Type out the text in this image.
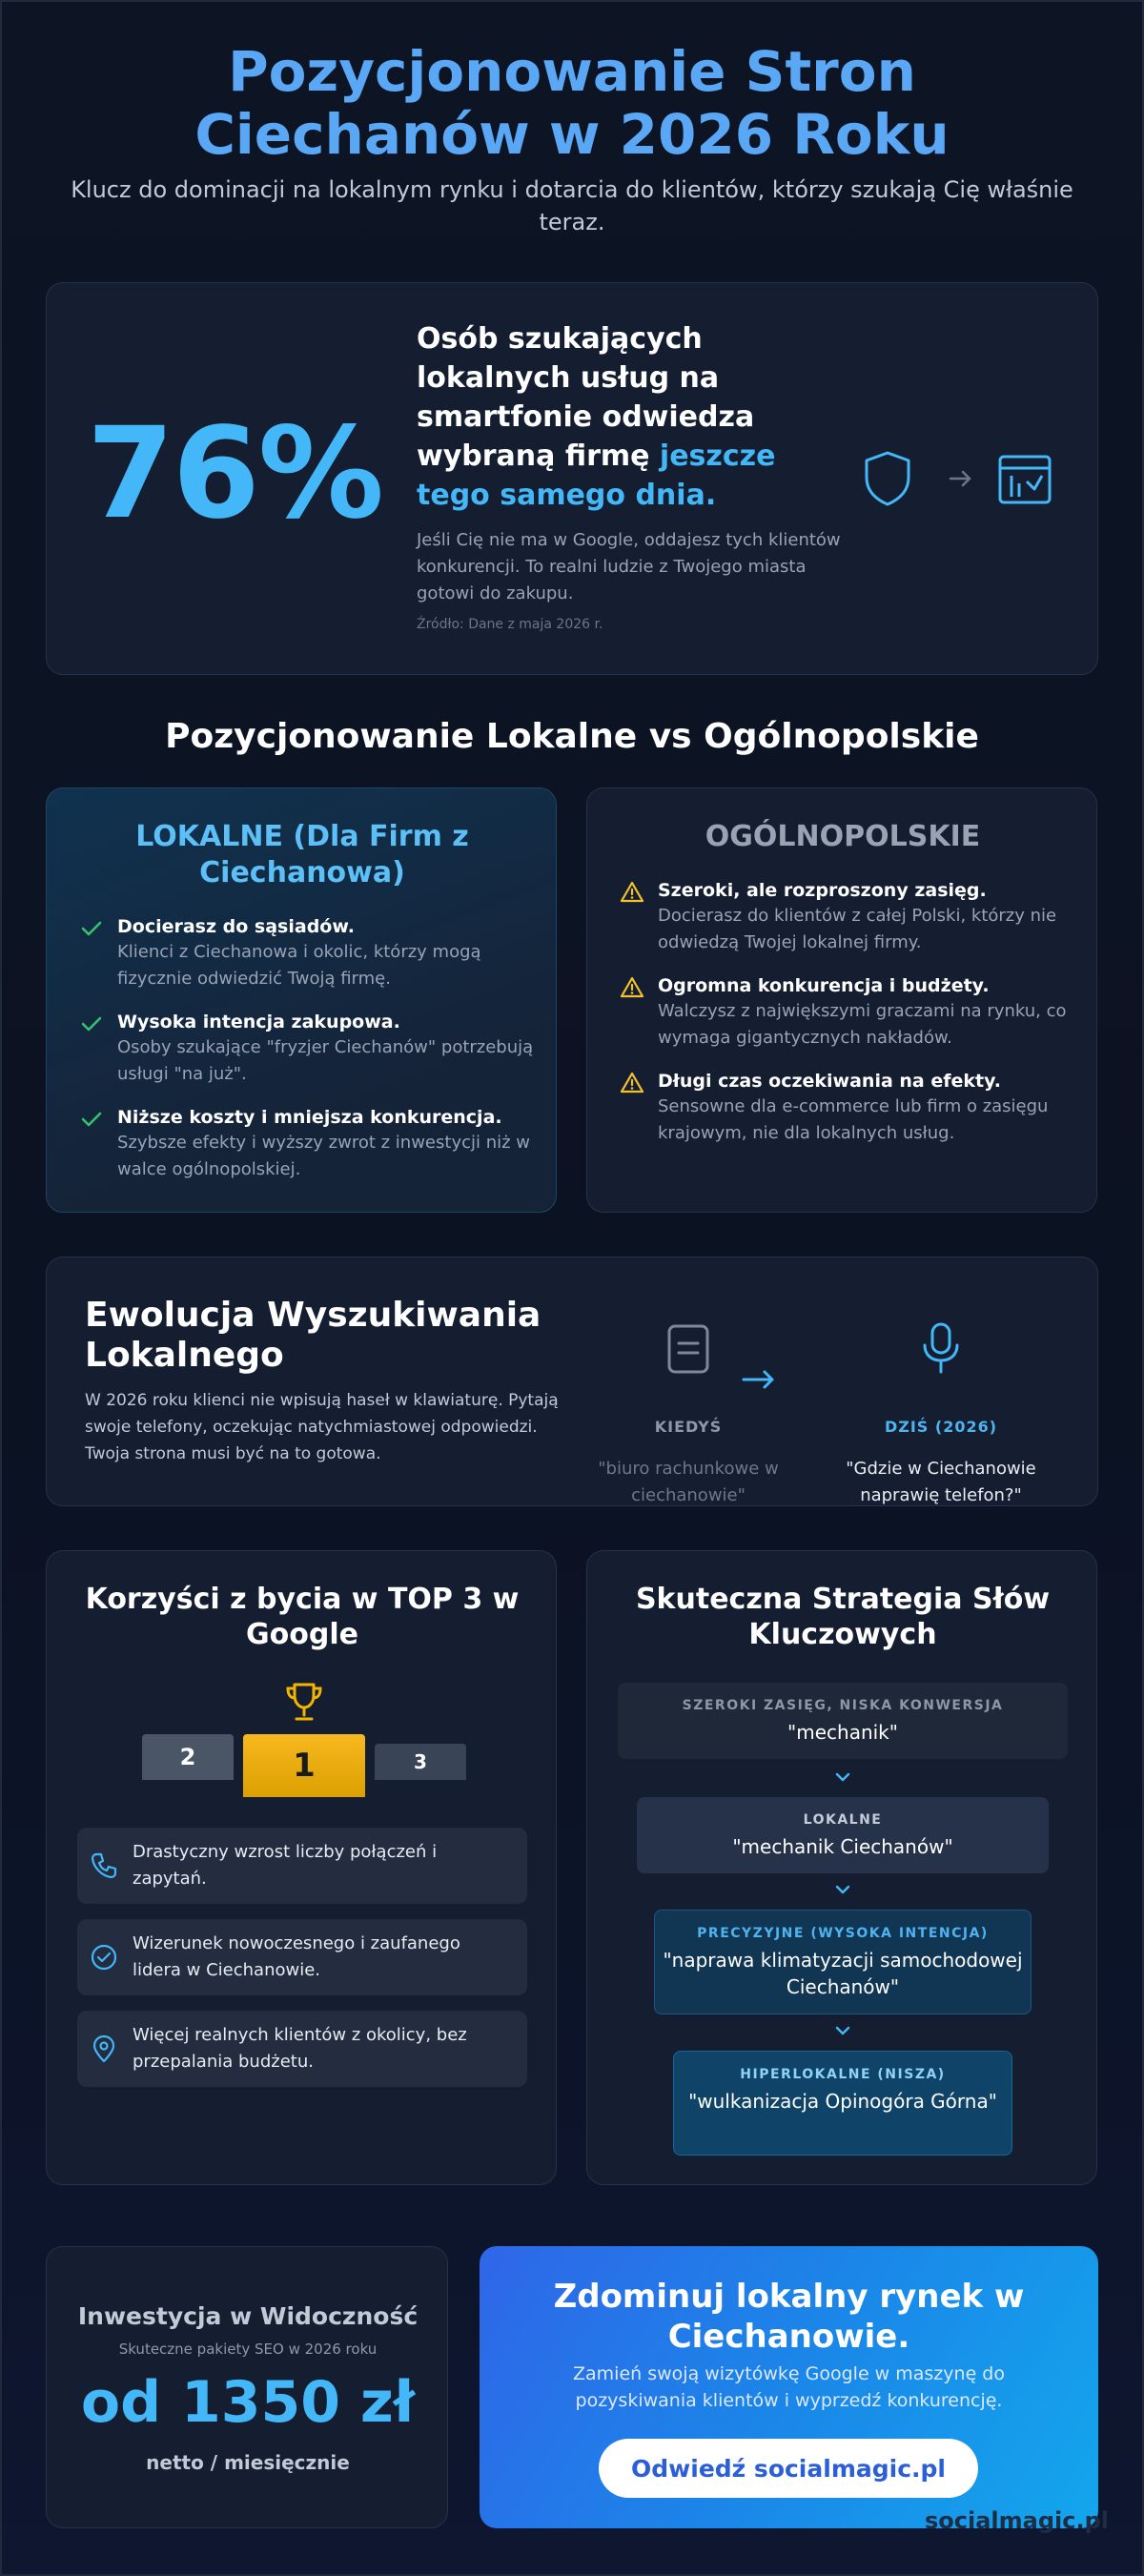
Pozycjonowanie Stron
Ciechanów w 2026 Roku

Klucz do dominacji na lokalnym rynku i dotarcia do klientów, którzy szukają Cię właśnie teraz.

76%
Osób szukających lokalnych usług na smartfonie odwiedza wybraną firmę jeszcze tego samego dnia.

Jeśli Cię nie ma w Google, oddajesz tych klientów konkurencji. To realni ludzie z Twojego miasta gotowi do zakupu.

Źródło: Dane z maja 2026 r.

Pozycjonowanie Lokalne vs Ogólnopolskie
LOKALNE (Dla Firm z Ciechanowa)
Docierasz do sąsiadów.
Klienci z Ciechanowa i okolic, którzy mogą fizycznie odwiedzić Twoją firmę.
Wysoka intencja zakupowa.
Osoby szukające "fryzjer Ciechanów" potrzebują usługi "na już".
Niższe koszty i mniejsza konkurencja.
Szybsze efekty i wyższy zwrot z inwestycji niż w walce ogólnopolskiej.
OGÓLNOPOLSKIE
Szeroki, ale rozproszony zasięg.
Docierasz do klientów z całej Polski, którzy nie odwiedzą Twojej lokalnej firmy.
Ogromna konkurencja i budżety.
Walczysz z największymi graczami na rynku, co wymaga gigantycznych nakładów.
Długi czas oczekiwania na efekty.
Sensowne dla e-commerce lub firm o zasięgu krajowym, nie dla lokalnych usług.
Ewolucja Wyszukiwania Lokalnego

W 2026 roku klienci nie wpisują haseł w klawiaturę. Pytają swoje telefony, oczekując natychmiastowej odpowiedzi. Twoja strona musi być na to gotowa.

KIEDYŚ
"biuro rachunkowe w ciechanowie"
DZIŚ (2026)
"Gdzie w Ciechanowie naprawię telefon?"
Korzyści z bycia w TOP 3 w Google
2	1	3
Drastyczny wzrost liczby połączeń i zapytań.
Wizerunek nowoczesnego i zaufanego lidera w Ciechanowie.
Więcej realnych klientów z okolicy, bez przepalania budżetu.
Skuteczna Strategia Słów Kluczowych
SZEROKI ZASIĘG, NISKA KONWERSJA
"mechanik"
LOKALNE
"mechanik Ciechanów"
PRECYZYJNE (WYSOKA INTENCJA)
"naprawa klimatyzacji samochodowej Ciechanów"
HIPERLOKALNE (NISZA)
"wulkanizacja Opinogóra Górna"
Inwestycja w Widoczność
Skuteczne pakiety SEO w 2026 roku
od 1350 zł
netto / miesięcznie
Zdominuj lokalny rynek w Ciechanowie.

Zamień swoją wizytówkę Google w maszynę do pozyskiwania klientów i wyprzedź konkurencję.

Odwiedź socialmagic.pl
socialmagic.pl
